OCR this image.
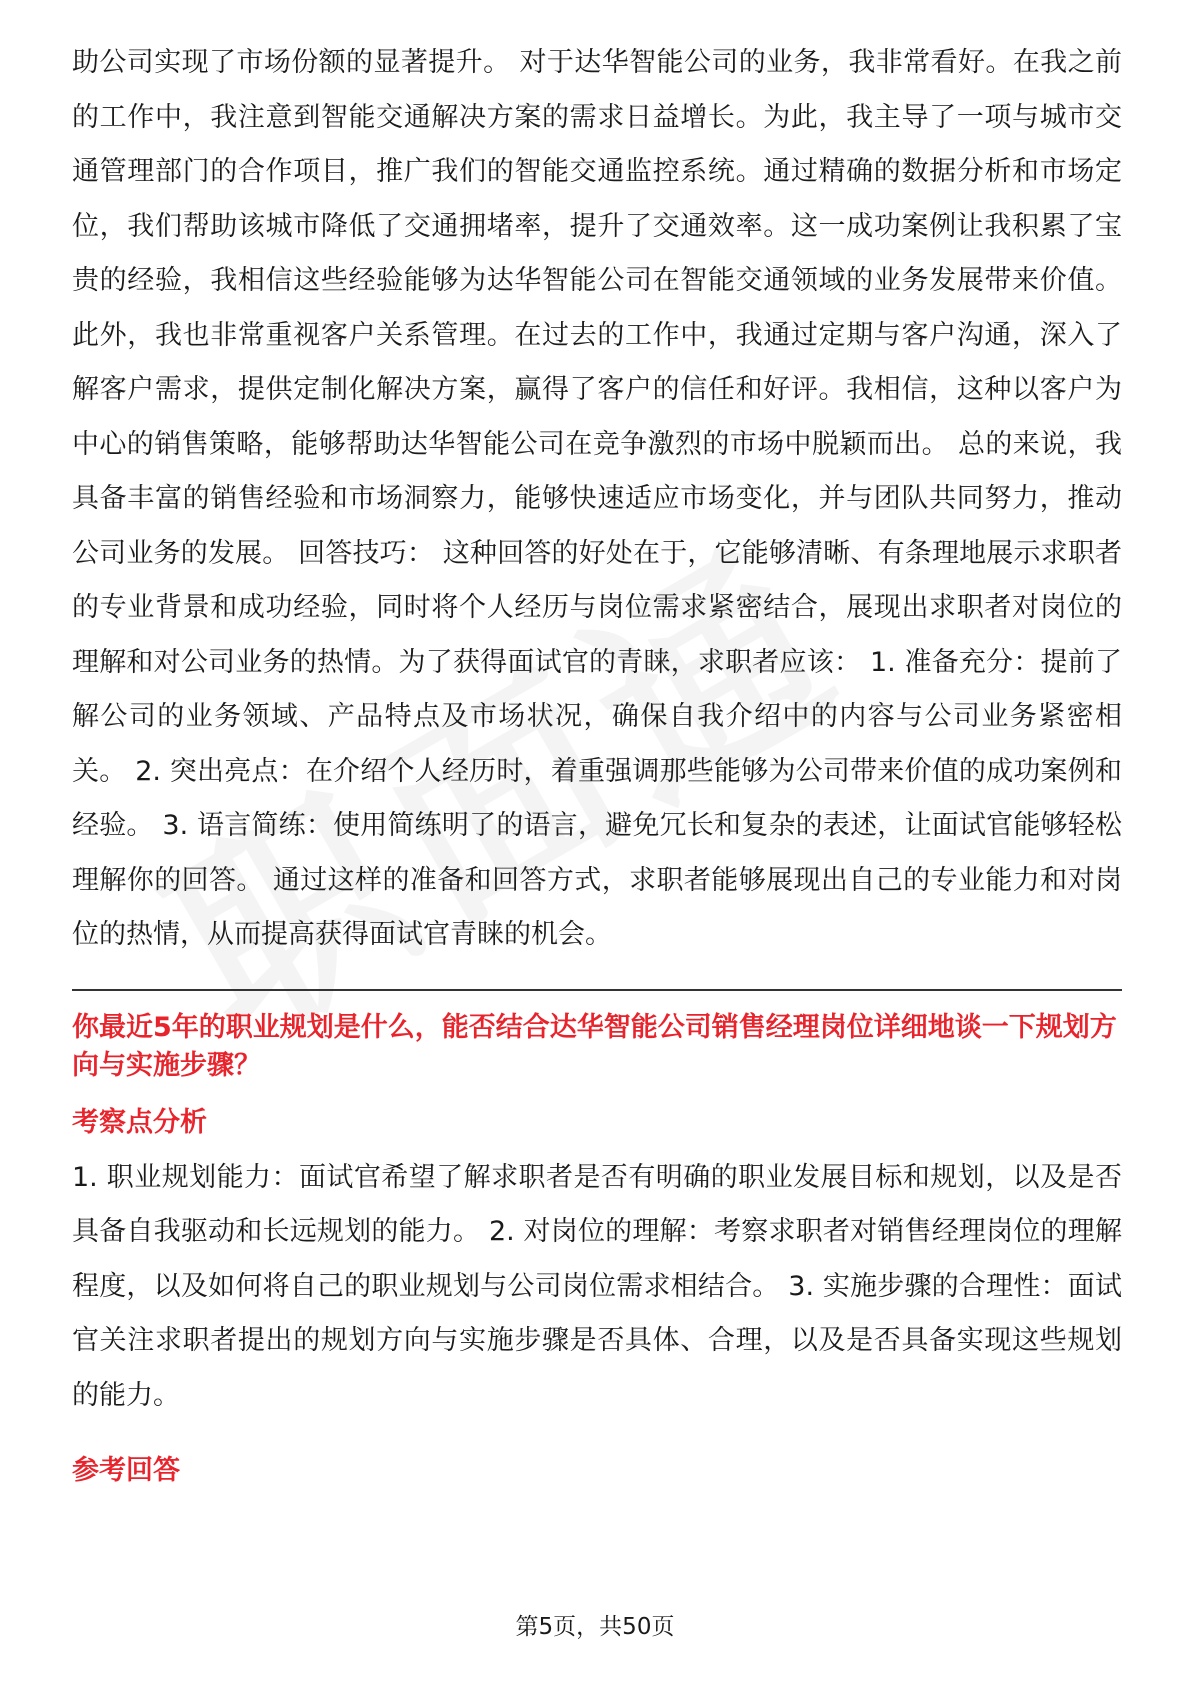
助公司实现了市场份额的显著提升。 对于达华智能公司的业务，我非常看好。在我之前的工作中，我注意到智能交通解决方案的需求日益增长。为此，我主导了一项与城市交通管理部门的合作项目，推广我们的智能交通监控系统。通过精确的数据分析和市场定位，我们帮助该城市降低了交通拥堵率，提升了交通效率。这一成功案例让我积累了宝贵的经验，我相信这些经验能够为达华智能公司在智能交通领域的业务发展带来价值。 此外，我也非常重视客户关系管理。在过去的工作中，我通过定期与客户沟通，深入了解客户需求，提供定制化解决方案，赢得了客户的信任和好评。我相信，这种以客户为中心的销售策略，能够帮助达华智能公司在竞争激烈的市场中脱颖而出。 总的来说，我具备丰富的销售经验和市场洞察力，能够快速适应市场变化，并与团队共同努力，推动公司业务的发展。 回答技巧： 这种回答的好处在于，它能够清晰、有条理地展示求职者的专业背景和成功经验，同时将个人经历与岗位需求紧密结合，展现出求职者对岗位的理解和对公司业务的热情。为了获得面试官的青睐，求职者应该： 1. 准备充分：提前了解公司的业务领域、产品特点及市场状况，确保自我介绍中的内容与公司业务紧密相关。 2. 突出亮点：在介绍个人经历时，着重强调那些能够为公司带来价值的成功案例和经验。 3. 语言简练：使用简练明了的语言，避免冗长和复杂的表述，让面试官能够轻松理解你的回答。 通过这样的准备和回答方式，求职者能够展现出自己的专业能力和对岗位的热情，从而提高获得面试官青睐的机会。

你最近5年的职业规划是什么，能否结合达华智能公司销售经理岗位详细地谈一下规划方向与实施步骤？
考察点分析

1. 职业规划能力：面试官希望了解求职者是否有明确的职业发展目标和规划，以及是否具备自我驱动和长远规划的能力。 2. 对岗位的理解：考察求职者对销售经理岗位的理解程度，以及如何将自己的职业规划与公司岗位需求相结合。 3. 实施步骤的合理性：面试官关注求职者提出的规划方向与实施步骤是否具体、合理，以及是否具备实现这些规划的能力。

参考回答
第5页，共50页
